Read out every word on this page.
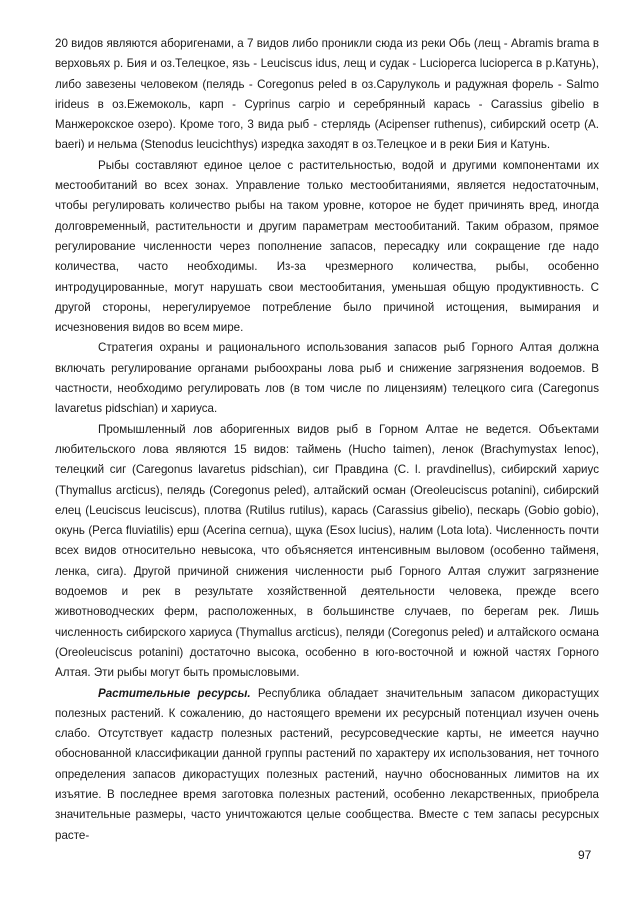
20 видов являются аборигенами, а 7 видов либо проникли сюда из реки Обь (лещ - Abramis brama в верховьях р. Бия и оз.Телецкое, язь - Leuciscus idus, лещ и судак - Lucioperca lucioperca в р.Катунь), либо завезены человеком (пелядь - Coregonus peled в оз.Сарулуколь и радужная форель - Salmo irideus в оз.Ежемоколь, карп - Cyprinus carpio и серебрянный карась - Carassius gibelio в Манжерокское озеро). Кроме того, 3 вида рыб - стерлядь (Acipenser ruthenus), сибирский осетр (A. baeri) и нельма (Stenodus leucichthys) изредка заходят в оз.Телецкое и в реки Бия и Катунь.

Рыбы составляют единое целое с растительностью, водой и другими компонентами их местообитаний во всех зонах. Управление только местообитаниями, является недостаточным, чтобы регулировать количество рыбы на таком уровне, которое не будет причинять вред, иногда долговременный, растительности и другим параметрам местообитаний. Таким образом, прямое регулирование численности через пополнение запасов, пересадку или сокращение где надо количества, часто необходимы. Из-за чрезмерного количества, рыбы, особенно интродуцированные, могут нарушать свои местообитания, уменьшая общую продуктивность. С другой стороны, нерегулируемое потребление было причиной истощения, вымирания и исчезновения видов во всем мире.

Стратегия охраны и рационального использования запасов рыб Горного Алтая должна включать регулирование органами рыбоохраны лова рыб и снижение загрязнения водоемов. В частности, необходимо регулировать лов (в том числе по лицензиям) телецкого сига (Caregonus lavaretus pidschian) и хариуса.

Промышленный лов аборигенных видов рыб в Горном Алтае не ведется. Объектами любительского лова являются 15 видов: таймень (Hucho taimen), ленок (Brachymystax lenoc), телецкий сиг (Caregonus lavaretus pidschian), сиг Правдина (C. l. pravdinellus), сибирский хариус (Thymallus arcticus), пелядь (Coregonus peled), алтайский осман (Oreoleuciscus potanini), сибирский елец (Leuciscus leuciscus), плотва (Rutilus rutilus), карась (Carassius gibelio), пескарь (Gobio gobio), окунь (Perca fluviatilis) ерш (Acerina cernua), щука (Esox lucius), налим (Lota lota). Численность почти всех видов относительно невысока, что объясняется интенсивным выловом (особенно тайменя, ленка, сига). Другой причиной снижения численности рыб Горного Алтая служит загрязнение водоемов и рек в результате хозяйственной деятельности человека, прежде всего животноводческих ферм, расположенных, в большинстве случаев, по берегам рек. Лишь численность сибирского хариуса (Thymallus arcticus), пеляди (Coregonus peled) и алтайского османа (Oreoleuciscus potanini) достаточно высока, особенно в юго-восточной и южной частях Горного Алтая. Эти рыбы могут быть промысловыми.

Растительные ресурсы. Республика обладает значительным запасом дикорастущих полезных растений. К сожалению, до настоящего времени их ресурсный потенциал изучен очень слабо. Отсутствует кадастр полезных растений, ресурсоведческие карты, не имеется научно обоснованной классификации данной группы растений по характеру их использования, нет точного определения запасов дикорастущих полезных растений, научно обоснованных лимитов на их изъятие. В последнее время заготовка полезных растений, особенно лекарственных, приобрела значительные размеры, часто уничтожаются целые сообщества. Вместе с тем запасы ресурсных расте-

97
